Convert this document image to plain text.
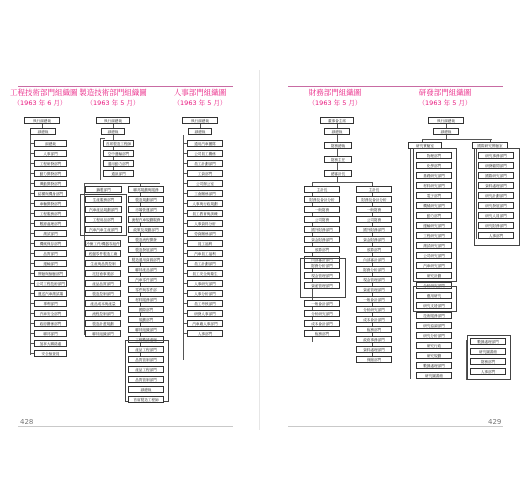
428
工程技術部門組織圖
（1963 年 6 月）
執行副總裁
副總裁
副總裁
人事部門
工程研發部門
動力開發部門
傳動開發部門
結構與機身部門
車輛開發部門
工程服務部門
數據處理部門
測試部門
機械保存部門
品質部門
運輸部門
實驗與檢驗部門
公司工程技術部門
運送汽車測試場
專利部門
汽車安全部門
政府關係部門
聯邦部門
加拿大聯絡處
安全檢查員
製造技術部門組織圖
（1963 年 5 月）
執行副總裁
副總裁
首席製造工程師
空中運輸部門
通用動力部門
通訊部門
鑄製部門
生產服務部門
汽車產品規劃部門
工程用品部門
汽車汽車生產部門
冷衝工件/機器零組件
底盤零件製造工廠
生產與品質控制
托技術事業部
產品品質部門
製造控制部門
產品成本與產量
流程控制部門
製造計畫規劃
聯邦組織部門
聯邦規劃與服務
製造規劃部門
市場營運部門
流程汽車規劃服務
政策及規劃部門
製造流程開發
製造發展部門
製造通用資源部門
聯邦產品部門
汽車零件部門
零件與零件部
材料服務部門
國際部門
規劃部門
聯邦組織部門
工程數據處理
產品工程部門
品質管制部門
產品工程部門
品質管制部門
副總裁
首席製造工程師
人事部門組織圖
（1963 年 5 月）
執行副總裁
副總裁
通用汽車團隊
公司員工關係
員工計劃部門
工資部門
公司辦公室
工會關係部門
人事與行政規劃
員工教育與訓練
人事資料分析
勞資關係部門
員工福利
汽車員工福利
員工計劃部門
員工安全與衛生
人事研究部門
人事分析部門
員工考核部門
研發人事部門
汽車廠人事部門
人事部門
429
財務部門組織圖
（1963 年 5 月）
董事會主席
副總裁
財務總裁
財務主任
總審計長
主計長
財務及會計分析
一般財務
公司財務
國外財務部門
資金財務部門
預算部門
內部審計部門
財務分析部門
現金管理部門
資產管理部門
一般會計部門
分析研究部門
成本會計部門
稅務部門
主計長
財務及會計分析
一般財務
公司財務
國外財務部門
資金財務部門
預算部門
內部審計部門
財務分析部門
現金管理部門
資產管理部門
一般會計部門
分析研究部門
成本會計部門
稅務部門
政府事務部門
資料處理部門
保險部門
研發部門組織圖
（1963 年 5 月）
執行副總裁
副總裁
研究實驗室	國際研究實驗室
物理部門
化學部門
基礎研究部門
材料研究部門
電子部門
機械研究部門
動力部門
運輸研究部門
工程研究部門
測試研究部門
公司研究部門
汽車研究部門
研究計劃
分析研究部門
應用研究
研究支援部門
技術服務部門
研究協調部門
研究分析部門
研究行政
研究規劃
數據處理部門
研究圖書館
研究事務部門
研發顧問部門
國際研究部門
資料處理部門
研究計劃部門
研究發展部門
研究人員部門
研究財務部門
人事部門
數據處理部門
研究圖書館
財務部門
人事部門
